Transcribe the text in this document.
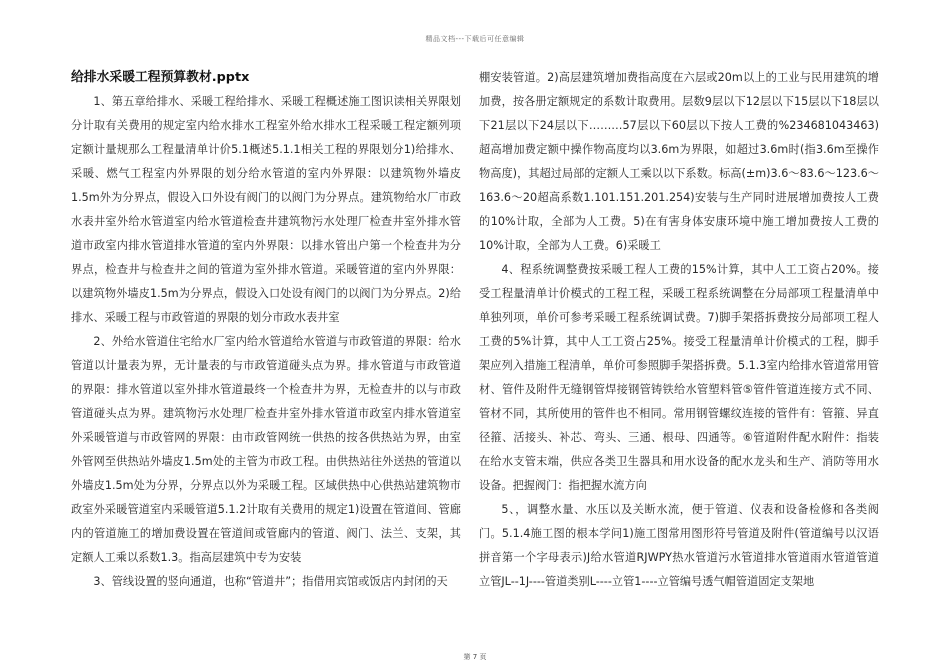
精品文档---下载后可任意编辑
给排水采暖工程预算教材.pptx

1、第五章给排水、采暖工程给排水、采暖工程概述施工图识读相关界限划分计取有关费用的规定室内给水排水工程室外给水排水工程采暖工程定额列项定额计量规那么工程量清单计价5.1概述5.1.1相关工程的界限划分1)给排水、采暖、燃气工程室内外界限的划分给水管道的室内外界限：以建筑物外墙皮1.5m外为分界点，假设入口外设有阀门的以阀门为分界点。建筑物给水厂市政水表井室外给水管道室内给水管道检查井建筑物污水处理厂检查井室外排水管道市政室内排水管道排水管道的室内外界限：以排水管出户第一个检查井为分界点，检查井与检查井之间的管道为室外排水管道。采暖管道的室内外界限：以建筑物外墙皮1.5m为分界点，假设入口处设有阀门的以阀门为分界点。2)给排水、采暖工程与市政管道的界限的划分市政水表井室

2、外给水管道住宅给水厂室内给水管道给水管道与市政管道的界限：给水管道以计量表为界，无计量表的与市政管道碰头点为界。排水管道与市政管道的界限：排水管道以室外排水管道最终一个检查井为界，无检查井的以与市政管道碰头点为界。建筑物污水处理厂检查井室外排水管道市政室内排水管道室外采暖管道与市政管网的界限：由市政管网统一供热的按各供热站为界，由室外管网至供热站外墙皮1.5m处的主管为市政工程。由供热站往外送热的管道以外墙皮1.5m处为分界，分界点以外为采暖工程。区域供热中心供热站建筑物市政室外采暖管道室内采暖管道5.1.2计取有关费用的规定1)设置在管道间、管廊内的管道施工的增加费设置在管道间或管廊内的管道、阀门、法兰、支架，其定额人工乘以系数1.3。指高层建筑中专为安装

3、管线设置的竖向通道，也称“管道井”；指借用宾馆或饭店内封闭的天

棚安装管道。2)高层建筑增加费指高度在六层或20m以上的工业与民用建筑的增加费，按各册定额规定的系数计取费用。层数9层以下12层以下15层以下18层以下21层以下24层以下………57层以下60层以下按人工费的%234681043463)超高增加费定额中操作物高度均以3.6m为界限，如超过3.6m时(指3.6m至操作物高度)，其超过局部的定额人工乘以以下系数。标高(±m)3.6～83.6～123.6～163.6～20超高系数1.101.151.201.254)安装与生产同时进展增加费按人工费的10%计取，全部为人工费。5)在有害身体安康环境中施工增加费按人工费的10%计取，全部为人工费。6)采暖工

4、程系统调整费按采暖工程人工费的15%计算，其中人工工资占20%。接受工程量清单计价模式的工程工程，采暖工程系统调整在分局部项工程量清单中单独列项，单价可参考采暖工程系统调试费。7)脚手架搭拆费按分局部项工程人工费的5%计算，其中人工工资占25%。接受工程量清单计价模式的工程，脚手架应列入措施工程清单，单价可参照脚手架搭拆费。5.1.3室内给排水管道常用管材、管件及附件无缝钢管焊接钢管铸铁给水管塑料管⑤管件管道连接方式不同、管材不同，其所使用的管件也不相同。常用钢管螺纹连接的管件有：管箍、异直径箍、活接头、补芯、弯头、三通、根母、四通等。⑥管道附件配水附件：指装在给水支管末端，供应各类卫生器具和用水设备的配水龙头和生产、消防等用水设备。把握阀门：指把握水流方向

5、，调整水量、水压以及关断水流，便于管道、仪表和设备检修和各类阀门。5.1.4施工图的根本学问1)施工图常用图形符号管道及附件(管道编号以汉语拼音第一个字母表示)J给水管道RJWPY热水管道污水管道排水管道雨水管道管道立管JL--1J----管道类别L----立管1----立管编号透气帽管道固定支架地

第 7 页
